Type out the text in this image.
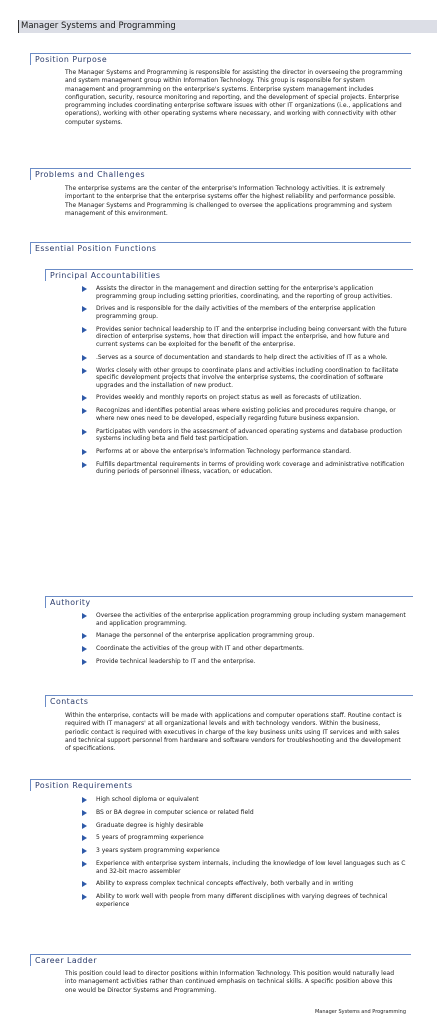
Manager Systems and Programming
Position Purpose
The Manager Systems and Programming is responsible for assisting the director in overseeing the programming and system management group within Information Technology. This group is responsible for system management and programming on the enterprise's systems. Enterprise system management includes configuration, security, resource monitoring and reporting, and the development of special projects. Enterprise programming includes coordinating enterprise software issues with other IT organizations (i.e., applications and operations), working with other operating systems where necessary, and working with connectivity with other computer systems.
Problems and Challenges
The enterprise systems are the center of the enterprise's Information Technology activities. It is extremely important to the enterprise that the enterprise systems offer the highest reliability and performance possible. The Manager Systems and Programming is challenged to oversee the applications programming and system management of this environment.
Essential Position Functions
Principal Accountabilities
Assists the director in the management and direction setting for the enterprise's application programming group including setting priorities, coordinating, and the reporting of group activities.
Drives and is responsible for the daily activities of the members of the enterprise application programming group.
Provides senior technical leadership to IT and the enterprise including being conversant with the future direction of enterprise systems, how that direction will impact the enterprise, and how future and current systems can be exploited for the benefit of the enterprise.
.Serves as a source of documentation and standards to help direct the activities of IT as a whole.
Works closely with other groups to coordinate plans and activities including coordination to facilitate specific development projects that involve the enterprise systems, the coordination of software upgrades and the installation of new product.
Provides weekly and monthly reports on project status as well as forecasts of utilization.
Recognizes and identifies potential areas where existing policies and procedures require change, or where new ones need to be developed, especially regarding future business expansion.
Participates with vendors in the assessment of advanced operating systems and database production systems including beta and field test participation.
Performs at or above the enterprise's Information Technology performance standard.
Fulfills departmental requirements in terms of providing work coverage and administrative notification during periods of personnel illness, vacation, or education.
Authority
Oversee the activities of the enterprise application programming group including system management and application programming.
Manage the personnel of the enterprise application programming group.
Coordinate the activities of the group with IT and other departments.
Provide technical leadership to IT and the enterprise.
Contacts
Within the enterprise, contacts will be made with applications and computer operations staff. Routine contact is required with IT managers' at all organizational levels and with technology vendors. Within the business, periodic contact is required with executives in charge of the key business units using IT services and with sales and technical support personnel from hardware and software vendors for troubleshooting and the development of specifications.
Position Requirements
High school diploma or equivalent
BS or BA degree in computer science or related field
Graduate degree is highly desirable
5 years of programming experience
3 years system programming experience
Experience with enterprise system internals, including the knowledge of low level languages such as C and 32-bit macro assembler
Ability to express complex technical concepts effectively, both verbally and in writing
Ability to work well with people from many different disciplines with varying degrees of technical experience
Career Ladder
This position could lead to director positions within Information Technology. This position would naturally lead into management activities rather than continued emphasis on technical skills. A specific position above this one would be Director Systems and Programming.
Manager Systems and Programming
